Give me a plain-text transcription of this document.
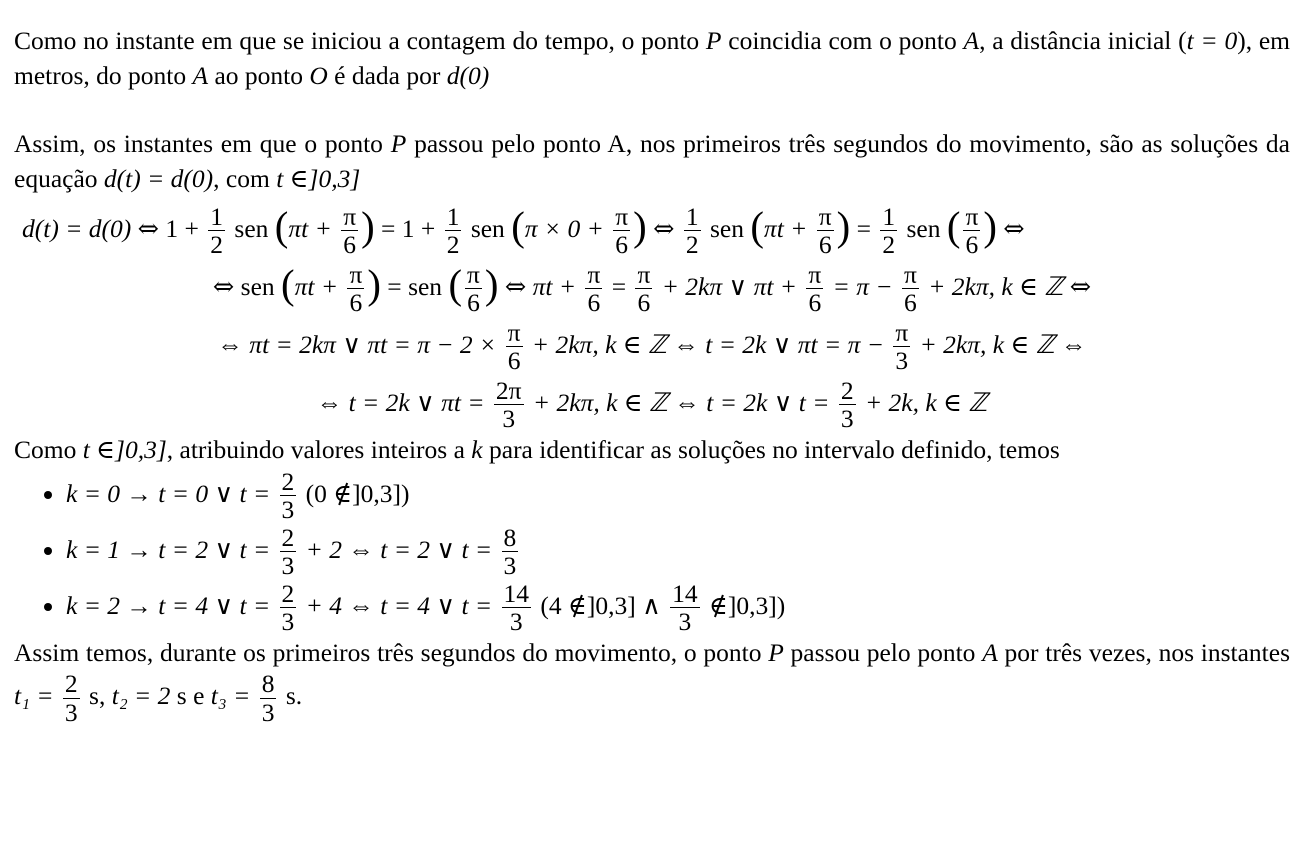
Como no instante em que se iniciou a contagem do tempo, o ponto P coincidia com o ponto A, a distância inicial (t = 0), em metros, do ponto A ao ponto O é dada por d(0)

Assim, os instantes em que o ponto P passou pelo ponto A, nos primeiros três segundos do movimento, são as soluções da equação d(t) = d(0), com t ∈]0,3]

d(t) = d(0) ⇔ $1 + \frac{1}{2}$ sen ($\pi t + \frac{\pi}{6}$ ) = $1 + \frac{1}{2}$ sen ($\pi \times 0 + \frac{\pi}{6}$ ) ⇔ $\frac{1}{2}$ sen ($\pi t + \frac{\pi}{6}$ ) = $\frac{1}{2}$ sen ( $\frac{\pi}{6}$ ) ⇔
⇔ sen ($\pi t + \frac{\pi}{6}$ ) = sen ( $\frac{\pi}{6}$ ) ⇔ $\pi t + \frac{\pi}{6} = \frac{\pi}{6} + 2k\pi$ ∨ $\pi t + \frac{\pi}{6} = \pi - \frac{\pi}{6} + 2k\pi$, k ∈ ℤ ⇔
⇔ πt = 2kπ ∨ $\pi t = \pi - 2 \times \frac{\pi}{6} + 2k\pi$, k ∈ ℤ ⇔ t = 2k ∨ $\pi t = \pi - \frac{\pi}{3} + 2k\pi$, k ∈ ℤ ⇔
⇔ t = 2k ∨ $\pi t = \frac{2\pi}{3} + 2k\pi$, k ∈ ℤ ⇔ t = 2k ∨ $t = \frac{2}{3} + 2k$, k ∈ ℤ

Como t ∈]0,3], atribuindo valores inteiros a k para identificar as soluções no intervalo definido, temos

• k = 0 → t = 0 ∨ $t = \frac{2}{3} (0$ ∉]0,3])
• k = 1 → t = 2 ∨ $t = \frac{2}{3} + 2$ ⇔ t = 2 ∨ $t = \frac{8}{3}$
• k = 2 → t = 4 ∨ $t = \frac{2}{3} + 4$ ⇔ t = 4 ∨ $t = \frac{14}{3} (4$ ∉]0,3] ∧ $\frac{14}{3}$ ∉]0,3])

Assim temos, durante os primeiros três segundos do movimento, o ponto P passou pelo ponto A por três vezes, nos instantes $t_1 = \frac{2}{3} s$, t₂ = 2 s e $t_3 = \frac{8}{3} s$.
